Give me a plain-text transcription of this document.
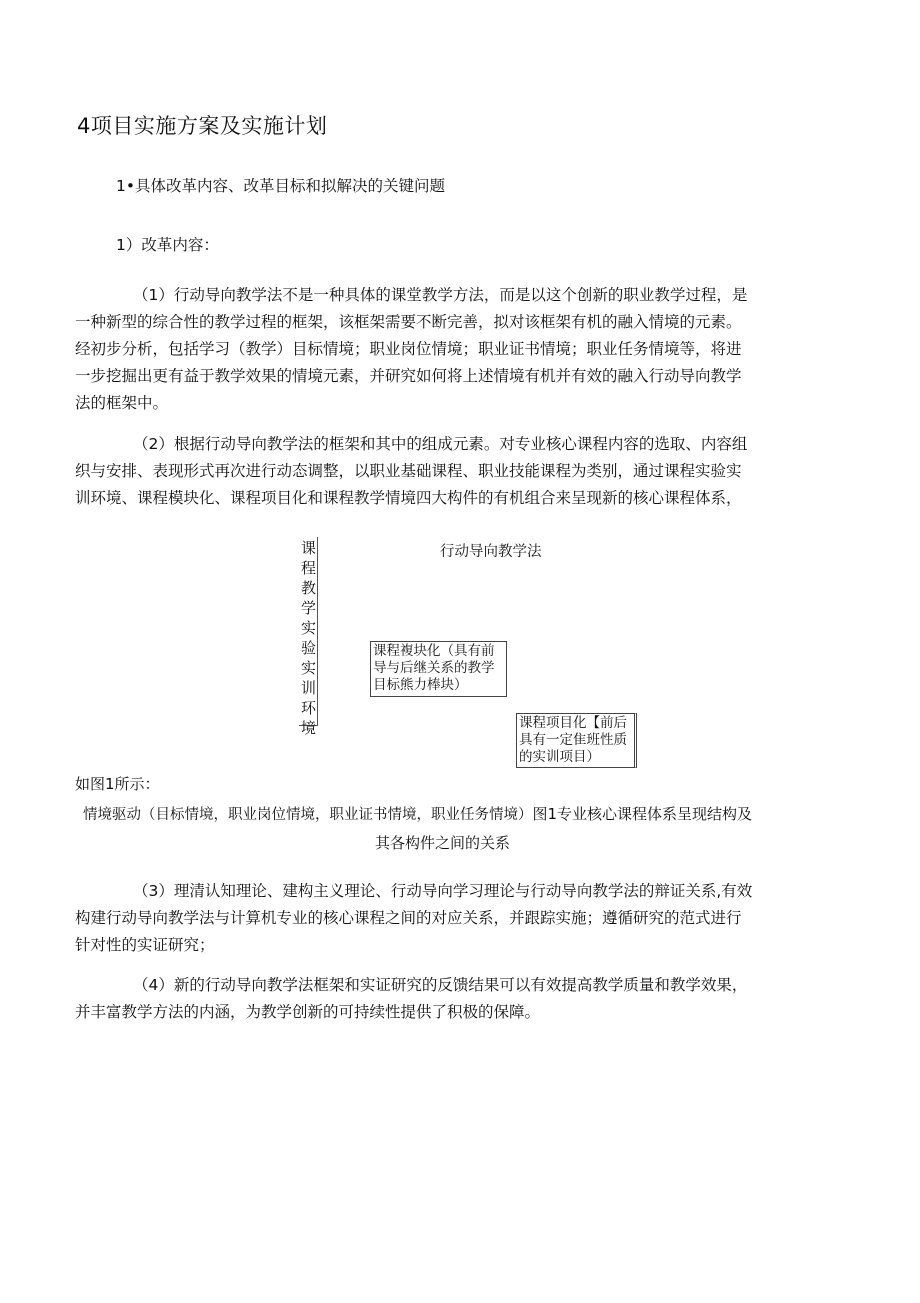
4项目实施方案及实施计划
1•具体改革内容、改革目标和拟解决的关键问题
1）改革内容：
（1）行动导向教学法不是一种具体的课堂教学方法，而是以这个创新的职业教学过程，是
一种新型的综合性的教学过程的框架，该框架需要不断完善，拟对该框架有机的融入情境的元素。
经初步分析，包括学习（教学）目标情境；职业岗位情境；职业证书情境；职业任务情境等，将进
一步挖掘出更有益于教学效果的情境元素，并研究如何将上述情境有机并有效的融入行动导向教学
法的框架中。
（2）根据行动导向教学法的框架和其中的组成元素。对专业核心课程内容的选取、内容组
织与安排、表现形式再次进行动态调整，以职业基础课程、职业技能课程为类别，通过课程实验实
训环境、课程模块化、课程项目化和课程教学情境四大构件的有机组合来呈现新的核心课程体系，
课程教学实验实训环境
行动导向教学法
课程複块化（具有前
导与后继关系的教学
目标熊力棒块）
课程项目化【前后
具有一定隹班性质
的实训项目）
如图1所示：
情境驱动（目标情境，职业岗位情境，职业证书情境，职业任务情境）图1专业核心课程体系呈现结构及
其各构件之间的关系
（3）理清认知理论、建构主义理论、行动导向学习理论与行动导向教学法的辩证关系,有效
构建行动导向教学法与计算机专业的核心课程之间的对应关系，并跟踪实施；遵循研究的范式进行
针对性的实证研究；
（4）新的行动导向教学法框架和实证研究的反馈结果可以有效提高教学质量和教学效果，
并丰富教学方法的内涵，为教学创新的可持续性提供了积极的保障。
